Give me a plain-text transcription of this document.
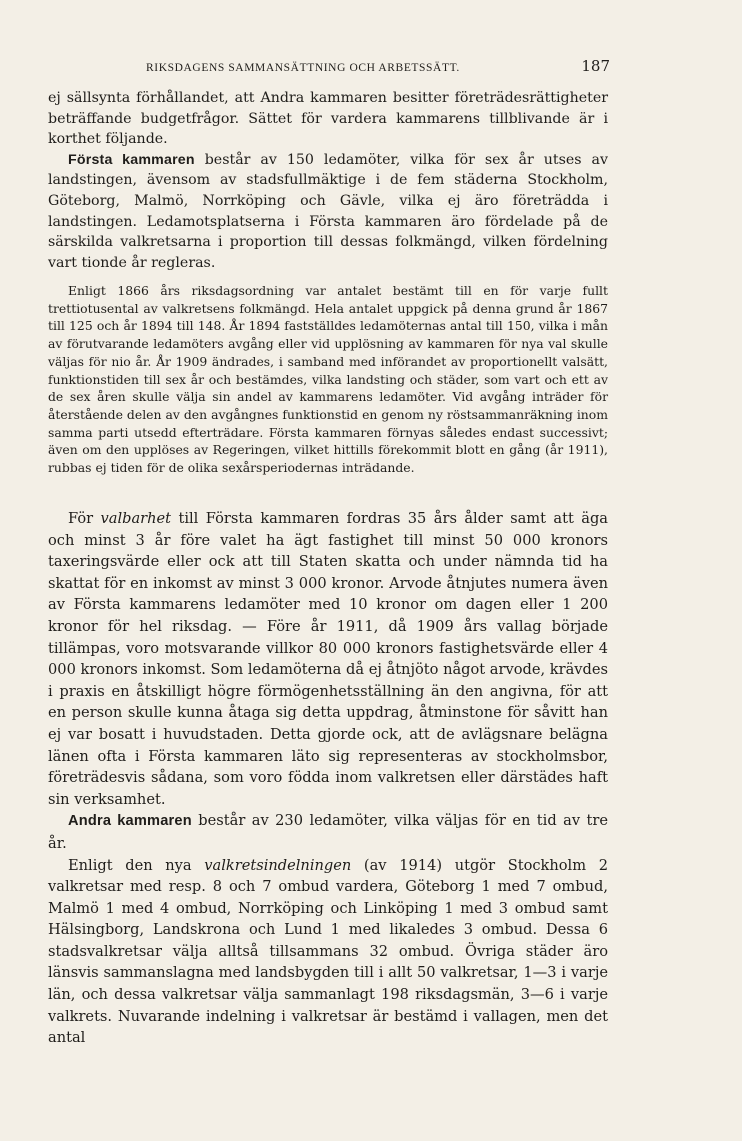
RIKSDAGENS SAMMANSÄTTNING OCH ARBETSSÄTT.	187

ej sällsynta förhållandet, att Andra kammaren besitter företrädesrättigheter beträffande budgetfrågor. Sättet för vardera kammarens tillblivande är i korthet följande.

Första kammaren består av 150 ledamöter, vilka för sex år utses av landstingen, ävensom av stadsfullmäktige i de fem städerna Stockholm, Göteborg, Malmö, Norrköping och Gävle, vilka ej äro företrädda i landstingen. Ledamotsplatserna i Första kammaren äro fördelade på de särskilda valkretsarna i proportion till dessas folkmängd, vilken fördelning vart tionde år regleras.

Enligt 1866 års riksdagsordning var antalet bestämt till en för varje fullt trettiotusental av valkretsens folkmängd. Hela antalet uppgick på denna grund år 1867 till 125 och år 1894 till 148. År 1894 fastställdes ledamöternas antal till 150, vilka i mån av förutvarande ledamöters avgång eller vid upplösning av kammaren för nya val skulle väljas för nio år. År 1909 ändrades, i samband med införandet av proportionellt valsätt, funktionstiden till sex år och bestämdes, vilka landsting och städer, som vart och ett av de sex åren skulle välja sin andel av kammarens ledamöter. Vid avgång inträder för återstående delen av den avgångnes funktionstid en genom ny röstsammanräkning inom samma parti utsedd efterträdare. Första kammaren förnyas således endast successivt; även om den upplöses av Regeringen, vilket hittills förekommit blott en gång (år 1911), rubbas ej tiden för de olika sexårsperiodernas inträdande.

För valbarhet till Första kammaren fordras 35 års ålder samt att äga och minst 3 år före valet ha ägt fastighet till minst 50 000 kronors taxeringsvärde eller ock att till Staten skatta och under nämnda tid ha skattat för en inkomst av minst 3 000 kronor. Arvode åtnjutes numera även av Första kammarens ledamöter med 10 kronor om dagen eller 1 200 kronor för hel riksdag. — Före år 1911, då 1909 års vallag började tillämpas, voro motsvarande villkor 80 000 kronors fastighetsvärde eller 4 000 kronors inkomst. Som ledamöterna då ej åtnjöto något arvode, krävdes i praxis en åtskilligt högre förmögenhetsställning än den angivna, för att en person skulle kunna åtaga sig detta uppdrag, åtminstone för såvitt han ej var bosatt i huvudstaden. Detta gjorde ock, att de avlägsnare belägna länen ofta i Första kammaren läto sig representeras av stockholmsbor, företrädesvis sådana, som voro födda inom valkretsen eller därstädes haft sin verksamhet.

Andra kammaren består av 230 ledamöter, vilka väljas för en tid av tre år.

Enligt den nya valkretsindelningen (av 1914) utgör Stockholm 2 valkretsar med resp. 8 och 7 ombud vardera, Göteborg 1 med 7 ombud, Malmö 1 med 4 ombud, Norrköping och Linköping 1 med 3 ombud samt Hälsingborg, Landskrona och Lund 1 med likaledes 3 ombud. Dessa 6 stadsvalkretsar välja alltså tillsammans 32 ombud. Övriga städer äro länsvis sammanslagna med landsbygden till i allt 50 valkretsar, 1—3 i varje län, och dessa valkretsar välja sammanlagt 198 riksdagsmän, 3—6 i varje valkrets. Nuvarande indelning i valkretsar är bestämd i vallagen, men det antal
